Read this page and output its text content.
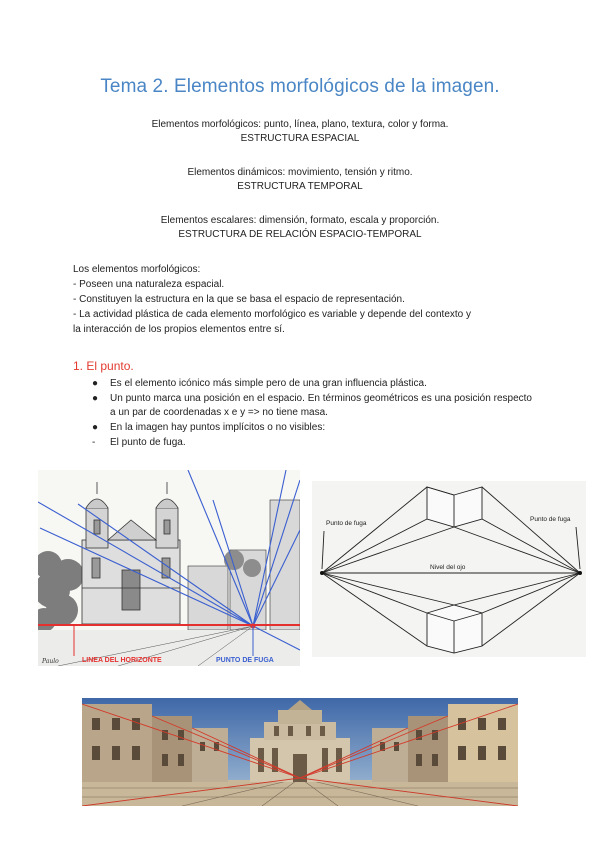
Tema 2. Elementos morfológicos de la imagen.
Elementos morfológicos: punto, línea, plano, textura, color y forma.
ESTRUCTURA ESPACIAL
Elementos dinámicos: movimiento, tensión y ritmo.
ESTRUCTURA TEMPORAL
Elementos escalares: dimensión, formato, escala y proporción.
ESTRUCTURA DE RELACIÓN ESPACIO-TEMPORAL
Los elementos morfológicos:
- Poseen una naturaleza espacial.
- Constituyen la estructura en la que se basa el espacio de representación.
- La actividad plástica de cada elemento morfológico es variable y depende del contexto y
la interacción de los propios elementos entre sí.
1. El punto.
●	Es el elemento icónico más simple pero de una gran influencia plástica.
●	Un punto marca una posición en el espacio. En términos geométricos es una posición respecto a un par de coordenadas x e y => no tiene masa.
●	En la imagen hay puntos implícitos o no visibles:
-	El punto de fuga.
Paulo	LINEA DEL HORIZONTE	PUNTO DE FUGA
Punto de fuga
Punto de fuga
Nivel del ojo
